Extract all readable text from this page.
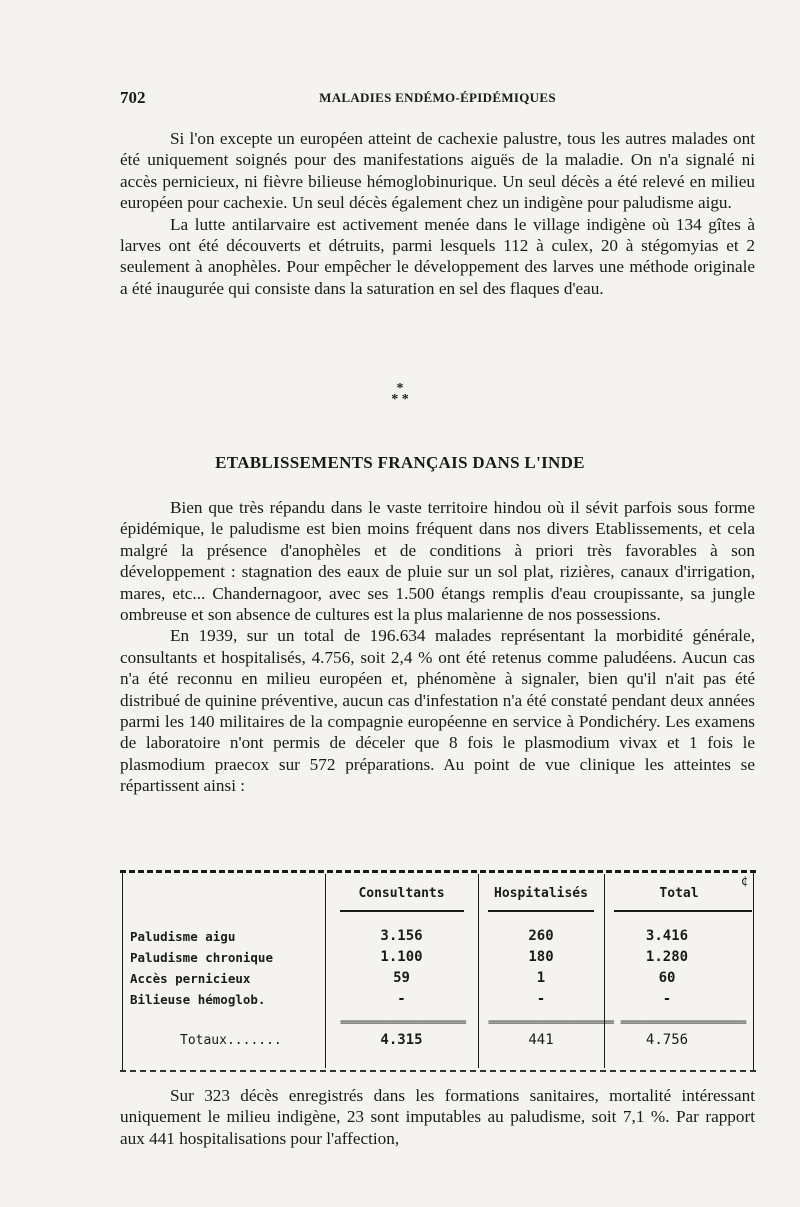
702	MALADIES ENDÉMO-ÉPIDÉMIQUES

Si l'on excepte un européen atteint de cachexie palustre, tous les autres malades ont été uniquement soignés pour des manifestations aiguës de la maladie. On n'a signalé ni accès pernicieux, ni fièvre bilieuse hémoglobinurique. Un seul décès a été relevé en milieu européen pour cachexie. Un seul décès également chez un indigène pour paludisme aigu.

La lutte antilarvaire est activement menée dans le village indigène où 134 gîtes à larves ont été découverts et détruits, parmi lesquels 112 à culex, 20 à stégomyias et 2 seulement à anophèles. Pour empêcher le développement des larves une méthode originale a été inaugurée qui consiste dans la saturation en sel des flaques d'eau.

*
* *
ETABLISSEMENTS FRANÇAIS DANS L'INDE

Bien que très répandu dans le vaste territoire hindou où il sévit parfois sous forme épidémique, le paludisme est bien moins fréquent dans nos divers Etablissements, et cela malgré la présence d'anophèles et de conditions à priori très favorables à son développement : stagnation des eaux de pluie sur un sol plat, rizières, canaux d'irrigation, mares, etc... Chandernagoor, avec ses 1.500 étangs remplis d'eau croupissante, sa jungle ombreuse et son absence de cultures est la plus malarienne de nos possessions.

En 1939, sur un total de 196.634 malades représentant la morbidité générale, consultants et hospitalisés, 4.756, soit 2,4 % ont été retenus comme paludéens. Aucun cas n'a été reconnu en milieu européen et, phénomène à signaler, bien qu'il n'ait pas été distribué de quinine préventive, aucun cas d'infestation n'a été constaté pendant deux années parmi les 140 militaires de la compagnie européenne en service à Pondichéry. Les examens de laboratoire n'ont permis de déceler que 8 fois le plasmodium vivax et 1 fois le plasmodium praecox sur 572 préparations. Au point de vue clinique les atteintes se répartissent ainsi :

¢
Consultants	Hospitalisés	Total
Paludisme aigu	3.156	260	3.416
Paludisme chronique	1.100	180	1.280
Accès pernicieux	59	1	60
Bilieuse hémoglob.	-	-	-
========================= ========================= =========================
Totaux.......	4.315	441	4.756

Sur 323 décès enregistrés dans les formations sanitaires, mortalité intéressant uniquement le milieu indigène, 23 sont imputables au paludisme, soit 7,1 %. Par rapport aux 441 hospitalisations pour l'affection,
